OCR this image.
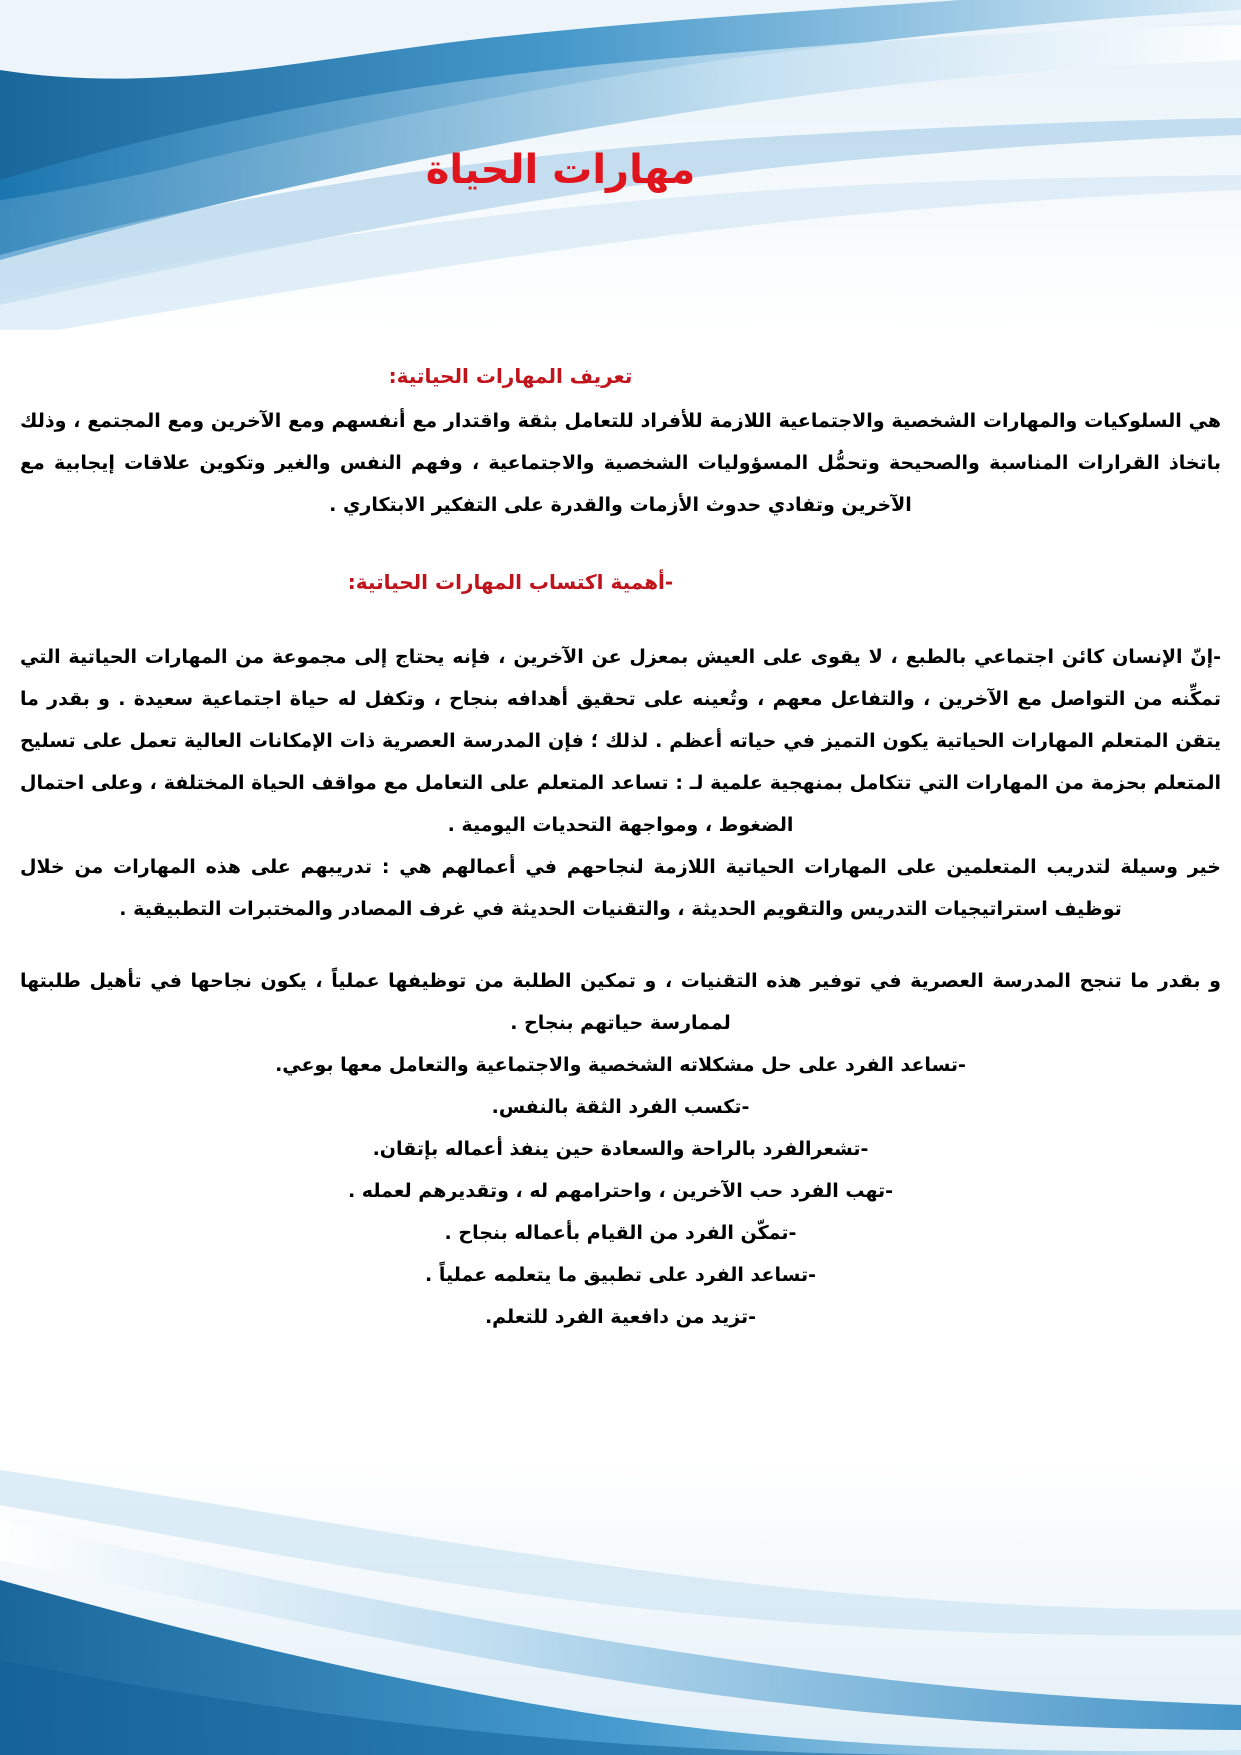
مهارات الحياة
تعريف المهارات الحياتية:

هي السلوكيات والمهارات الشخصية والاجتماعية اللازمة للأفراد للتعامل بثقة واقتدار مع أنفسهم ومع الآخرين ومع المجتمع ، وذلك باتخاذ القرارات المناسبة والصحيحة وتحمُّل المسؤوليات الشخصية والاجتماعية ، وفهم النفس والغير وتكوين علاقات إيجابية مع الآخرين وتفادي حدوث الأزمات والقدرة على التفكير الابتكاري .

-أهمية اكتساب المهارات الحياتية:

-إنّ الإنسان كائن اجتماعي بالطبع ، لا يقوى على العيش بمعزل عن الآخرين ، فإنه يحتاج إلى مجموعة من المهارات الحياتية التي تمكِّنه من التواصل مع الآخرين ، والتفاعل معهم ، وتُعينه على تحقيق أهدافه بنجاح ، وتكفل له حياة اجتماعية سعيدة . و بقدر ما يتقن المتعلم المهارات الحياتية يكون التميز في حياته أعظم . لذلك ؛ فإن المدرسة العصرية ذات الإمكانات العالية تعمل على تسليح المتعلم بحزمة من المهارات التي تتكامل بمنهجية علمية لـ : تساعد المتعلم على التعامل مع مواقف الحياة المختلفة ، وعلى احتمال الضغوط ، ومواجهة التحديات اليومية .

خير وسيلة لتدريب المتعلمين على المهارات الحياتية اللازمة لنجاحهم في أعمالهم هي : تدريبهم على هذه المهارات من خلال توظيف استراتيجيات التدريس والتقويم الحديثة ، والتقنيات الحديثة في غرف المصادر والمختبرات التطبيقية .

و بقدر ما تنجح المدرسة العصرية في توفير هذه التقنيات ، و تمكين الطلبة من توظيفها عملياً ، يكون نجاحها في تأهيل طلبتها لممارسة حياتهم بنجاح .

-تساعد الفرد على حل مشكلاته الشخصية والاجتماعية والتعامل معها بوعي.
-تكسب الفرد الثقة بالنفس.
-تشعرالفرد بالراحة والسعادة حين ينفذ أعماله بإتقان.
-تهب الفرد حب الآخرين ، واحترامهم له ، وتقديرهم لعمله .
-تمكّن الفرد من القيام بأعماله بنجاح .
-تساعد الفرد على تطبيق ما يتعلمه عملياً .
-تزيد من دافعية الفرد للتعلم.
